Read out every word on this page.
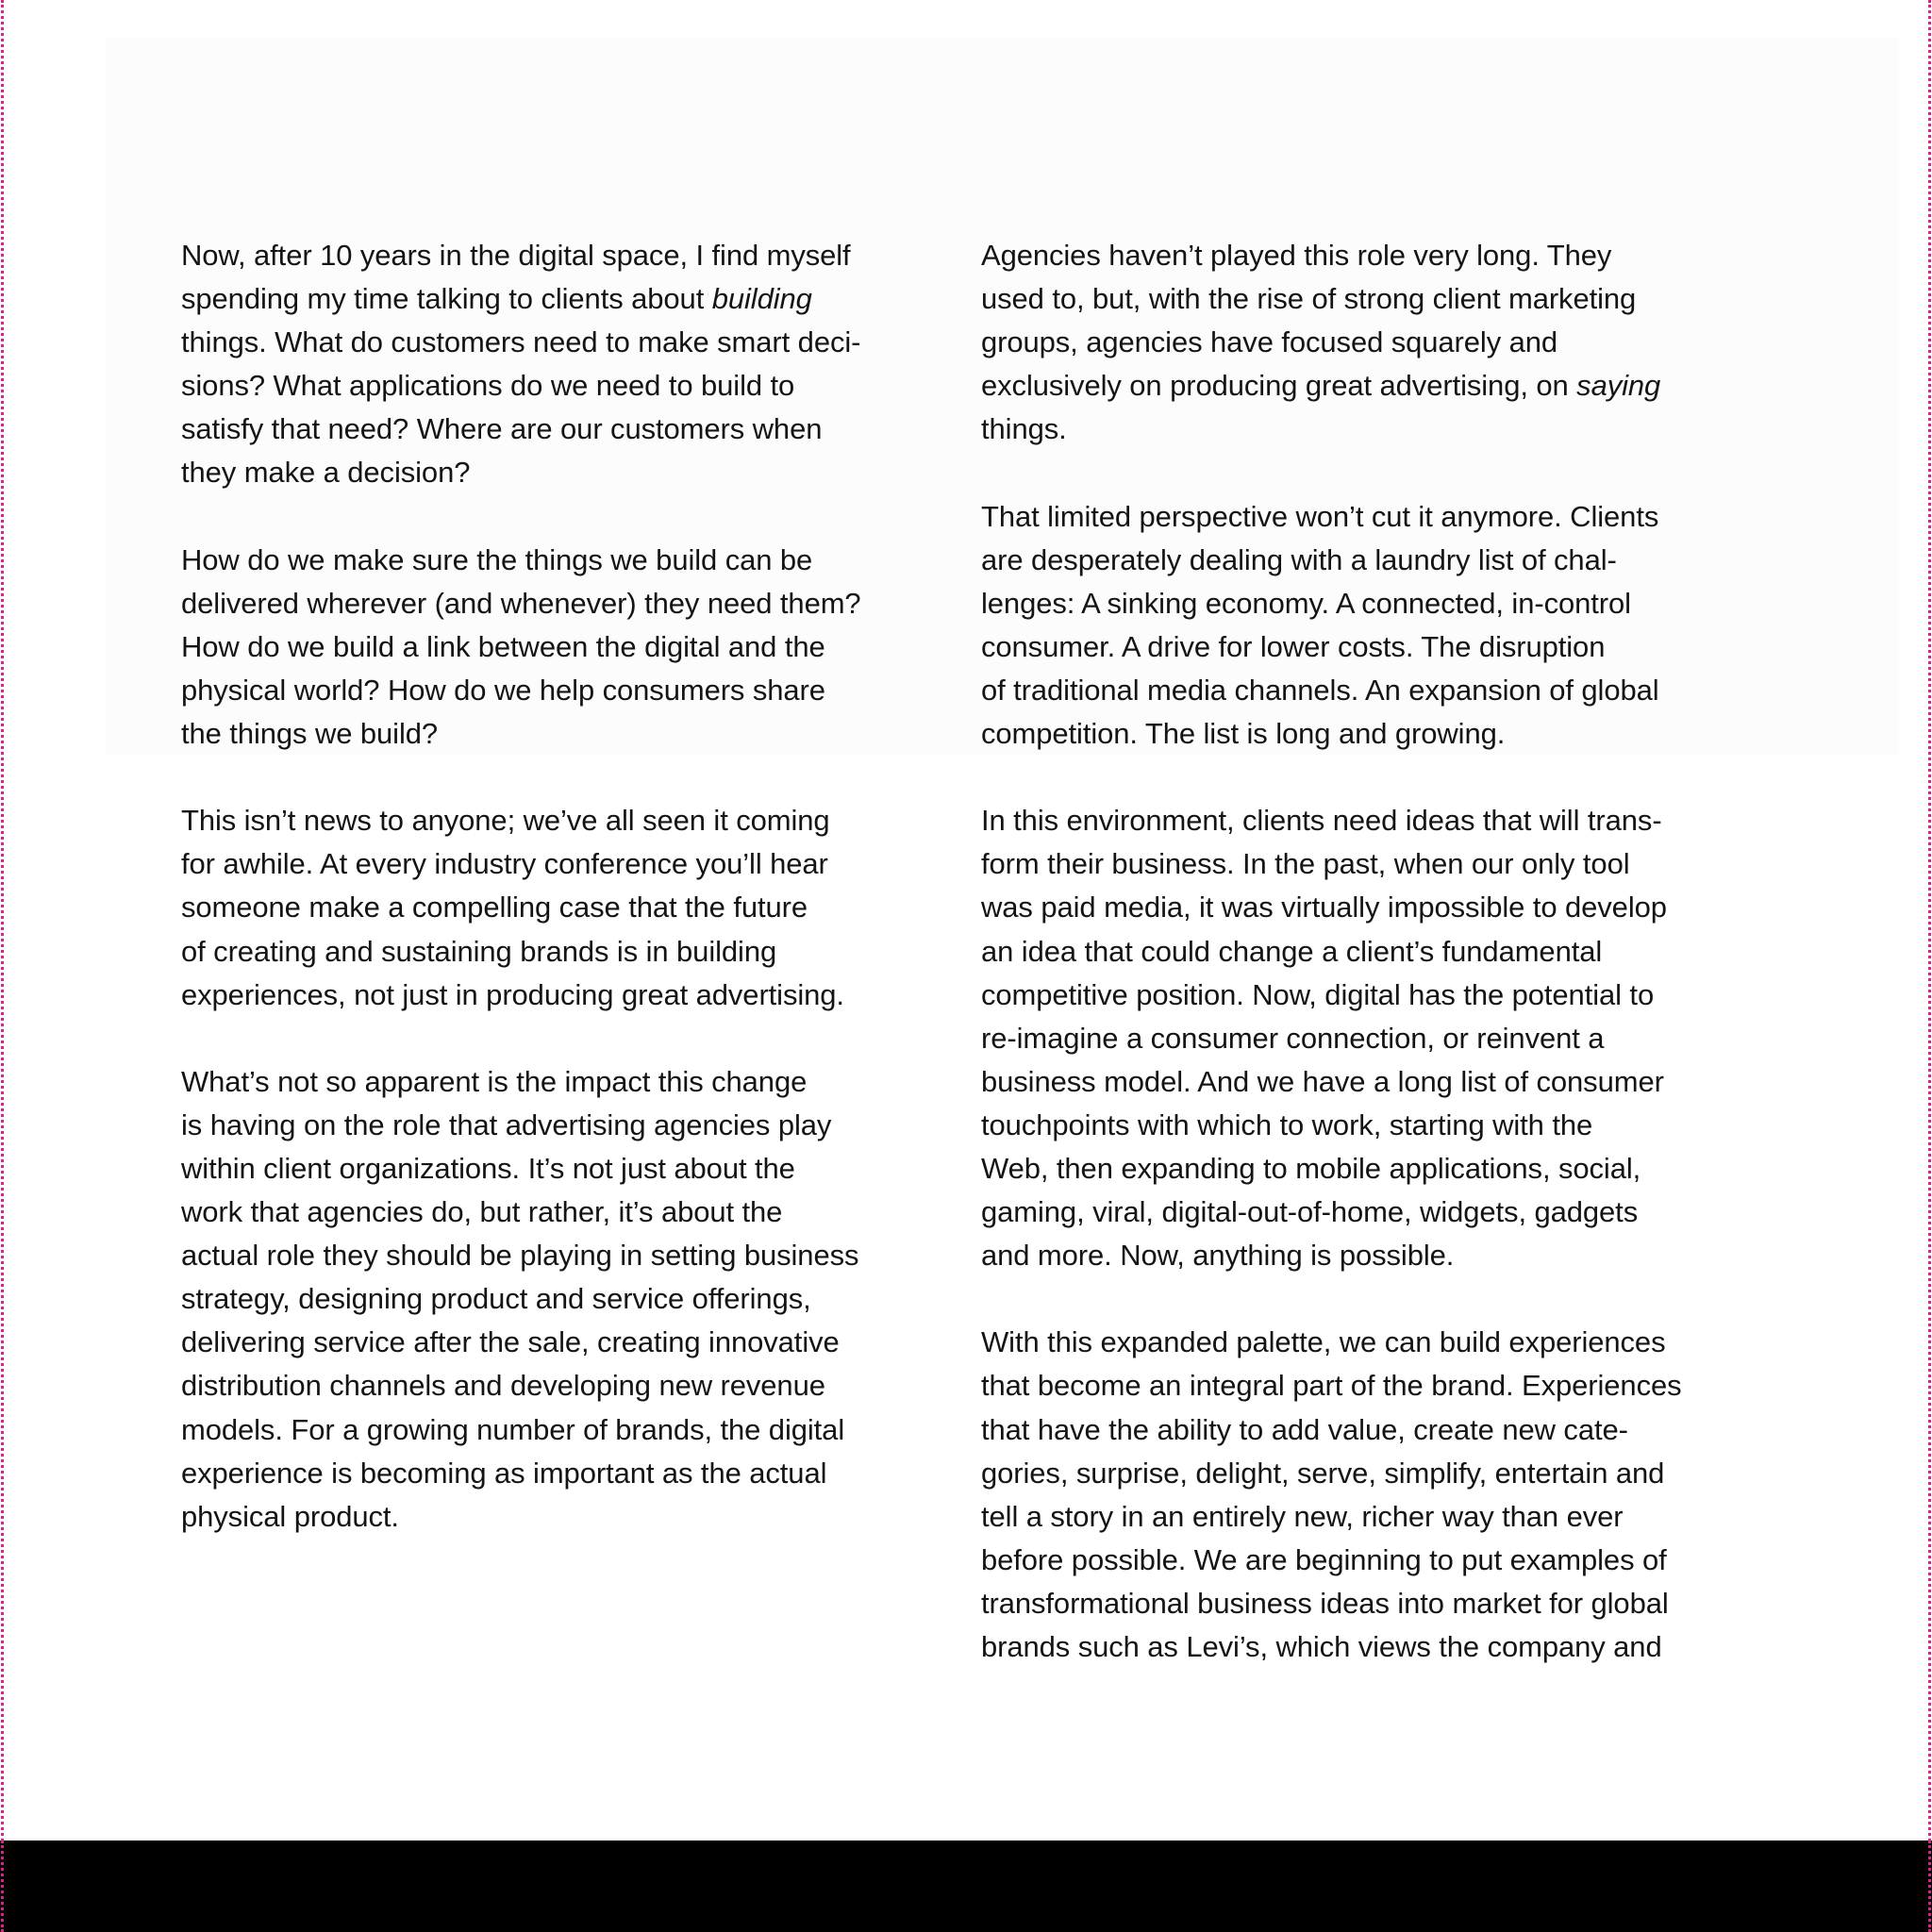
Now, after 10 years in the digital space, I find myself
spending my time talking to clients about building
things. What do customers need to make smart deci-
sions? What applications do we need to build to
satisfy that need? Where are our customers when
they make a decision?

How do we make sure the things we build can be
delivered wherever (and whenever) they need them?
How do we build a link between the digital and the
physical world? How do we help consumers share
the things we build?

This isn’t news to anyone; we’ve all seen it coming
for awhile. At every industry conference you’ll hear
someone make a compelling case that the future
of creating and sustaining brands is in building
experiences, not just in producing great advertising.

What’s not so apparent is the impact this change
is having on the role that advertising agencies play
within client organizations. It’s not just about the
work that agencies do, but rather, it’s about the
actual role they should be playing in setting business
strategy, designing product and service offerings,
delivering service after the sale, creating innovative
distribution channels and developing new revenue
models. For a growing number of brands, the digital
experience is becoming as important as the actual
physical product.

Agencies haven’t played this role very long. They
used to, but, with the rise of strong client marketing
groups, agencies have focused squarely and
exclusively on producing great advertising, on saying
things.

That limited perspective won’t cut it anymore. Clients
are desperately dealing with a laundry list of chal-
lenges: A sinking economy. A connected, in-control
consumer. A drive for lower costs. The disruption
of traditional media channels. An expansion of global
competition. The list is long and growing.

In this environment, clients need ideas that will trans-
form their business. In the past, when our only tool
was paid media, it was virtually impossible to develop
an idea that could change a client’s fundamental
competitive position. Now, digital has the potential to
re-imagine a consumer connection, or reinvent a
business model. And we have a long list of consumer
touchpoints with which to work, starting with the
Web, then expanding to mobile applications, social,
gaming, viral, digital-out-of-home, widgets, gadgets
and more. Now, anything is possible.

With this expanded palette, we can build experiences
that become an integral part of the brand. Experiences
that have the ability to add value, create new cate-
gories, surprise, delight, serve, simplify, entertain and
tell a story in an entirely new, richer way than ever
before possible. We are beginning to put examples of
transformational business ideas into market for global
brands such as Levi’s, which views the company and
